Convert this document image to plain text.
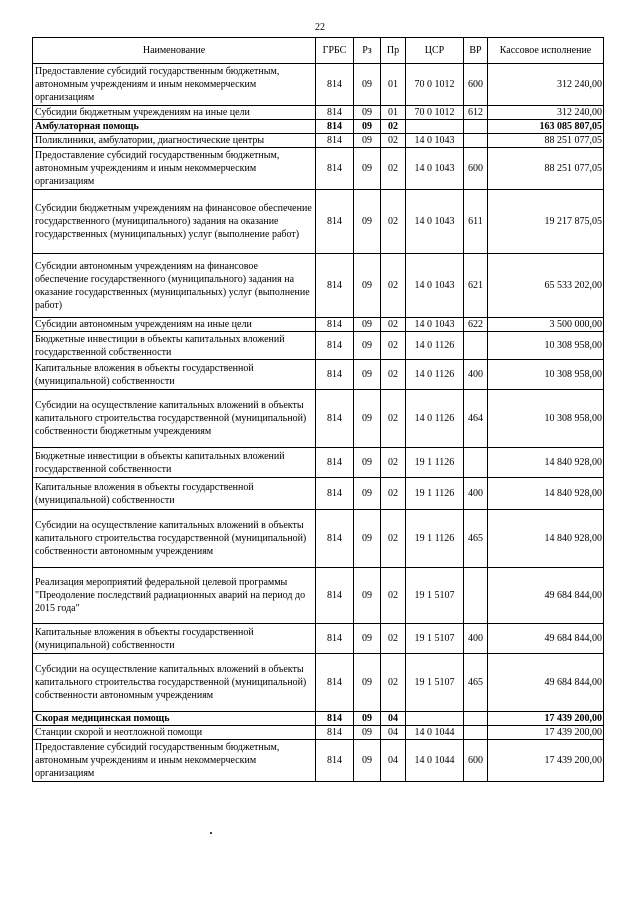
22
Наименование	ГРБС	Рз	Пр	ЦСР	ВР	Кассовое исполнение
Предоставление субсидий государственным бюджетным, автономным учреждениям и иным некоммерческим организациям	814	09	01	70 0 1012	600	312 240,00
Субсидии бюджетным учреждениям на иные цели	814	09	01	70 0 1012	612	312 240,00
Амбулаторная помощь	814	09	02			163 085 807,05
Поликлиники, амбулатории, диагностические центры	814	09	02	14 0 1043		88 251 077,05
Предоставление субсидий государственным бюджетным, автономным учреждениям и иным некоммерческим организациям	814	09	02	14 0 1043	600	88 251 077,05
Субсидии бюджетным учреждениям на финансовое обеспечение государственного (муниципального) задания на оказание государственных (муниципальных) услуг (выполнение работ)	814	09	02	14 0 1043	611	19 217 875,05
Субсидии автономным учреждениям на финансовое обеспечение государственного (муниципального) задания на оказание государственных (муниципальных) услуг (выполнение работ)	814	09	02	14 0 1043	621	65 533 202,00
Субсидии автономным учреждениям на иные цели	814	09	02	14 0 1043	622	3 500 000,00
Бюджетные инвестиции в объекты капитальных вложений государственной собственности	814	09	02	14 0 1126		10 308 958,00
Капитальные вложения в объекты государственной (муниципальной) собственности	814	09	02	14 0 1126	400	10 308 958,00
Субсидии на осуществление капитальных вложений в объекты капитального строительства государственной (муниципальной) собственности бюджетным учреждениям	814	09	02	14 0 1126	464	10 308 958,00
Бюджетные инвестиции в объекты капитальных вложений государственной собственности	814	09	02	19 1 1126		14 840 928,00
Капитальные вложения в объекты государственной (муниципальной) собственности	814	09	02	19 1 1126	400	14 840 928,00
Субсидии на осуществление капитальных вложений в объекты капитального строительства государственной (муниципальной) собственности автономным учреждениям	814	09	02	19 1 1126	465	14 840 928,00
Реализация мероприятий федеральной целевой программы "Преодоление последствий радиационных аварий на период до 2015 года"	814	09	02	19 1 5107		49 684 844,00
Капитальные вложения в объекты государственной (муниципальной) собственности	814	09	02	19 1 5107	400	49 684 844,00
Субсидии на осуществление капитальных вложений в объекты капитального строительства государственной (муниципальной) собственности автономным учреждениям	814	09	02	19 1 5107	465	49 684 844,00
Скорая медицинская помощь	814	09	04			17 439 200,00
Станции скорой и неотложной помощи	814	09	04	14 0 1044		17 439 200,00
Предоставление субсидий государственным бюджетным, автономным учреждениям и иным некоммерческим организациям	814	09	04	14 0 1044	600	17 439 200,00
